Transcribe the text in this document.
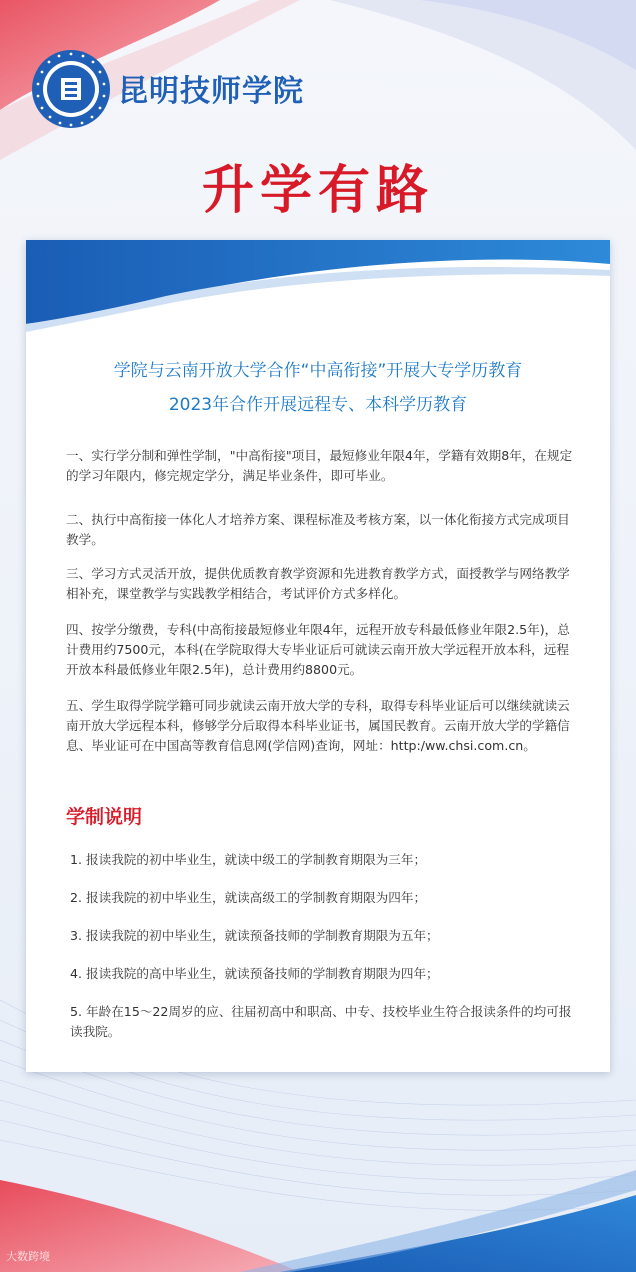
昆明技师学院
升学有路
学院与云南开放大学合作“中高衔接”开展大专学历教育
2023年合作开展远程专、本科学历教育
一、实行学分制和弹性学制，"中高衔接"项目，最短修业年限4年，学籍有效期8年，在规定的学习年限内，修完规定学分，满足毕业条件，即可毕业。
二、执行中高衔接一体化人才培养方案、课程标准及考核方案，以一体化衔接方式完成项目教学。
三、学习方式灵活开放，提供优质教育教学资源和先进教育教学方式，面授教学与网络教学相补充，课堂教学与实践教学相结合，考试评价方式多样化。
四、按学分缴费，专科(中高衔接最短修业年限4年，远程开放专科最低修业年限2.5年)，总计费用约7500元，本科(在学院取得大专毕业证后可就读云南开放大学远程开放本科，远程开放本科最低修业年限2.5年)，总计费用约8800元。
五、学生取得学院学籍可同步就读云南开放大学的专科，取得专科毕业证后可以继续就读云南开放大学远程本科，修够学分后取得本科毕业证书，属国民教育。云南开放大学的学籍信息、毕业证可在中国高等教育信息网(学信网)查询，网址：http:/ww.chsi.com.cn。
学制说明
1. 报读我院的初中毕业生，就读中级工的学制教育期限为三年；
2. 报读我院的初中毕业生，就读高级工的学制教育期限为四年；
3. 报读我院的初中毕业生，就读预备技师的学制教育期限为五年；
4. 报读我院的高中毕业生，就读预备技师的学制教育期限为四年；
5. 年龄在15～22周岁的应、往届初高中和职高、中专、技校毕业生符合报读条件的均可报读我院。
大数跨境
